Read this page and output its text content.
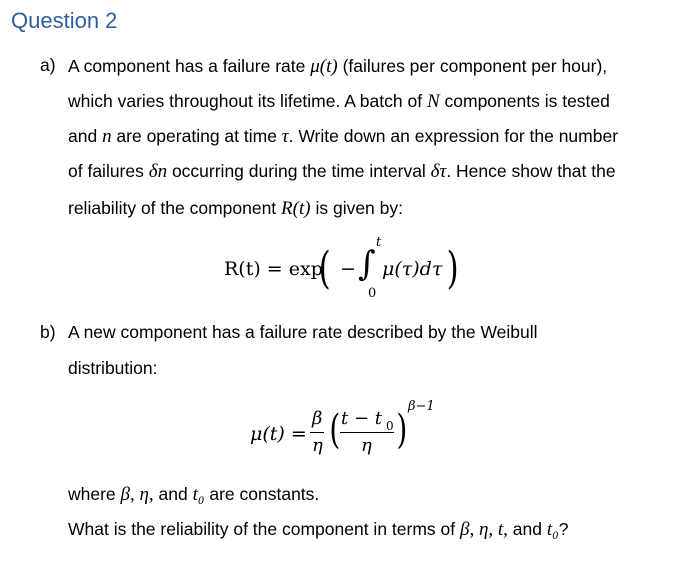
Question 2
a) A component has a failure rate μ(t) (failures per component per hour),
which varies throughout its lifetime. A batch of N components is tested
and n are operating at time τ. Write down an expression for the number
of failures δn occurring during the time interval δτ. Hence show that the
reliability of the component R(t) is given by:
R(t) = exp
( − ∫
t
0
μ(τ)dτ )
b) A new component has a failure rate described by the Weibull
distribution:
μ(t) =
β
η ( t − t 0
η )
β−1
where β, η, and t₀ are constants.
What is the reliability of the component in terms of β, η, t, and t₀?
